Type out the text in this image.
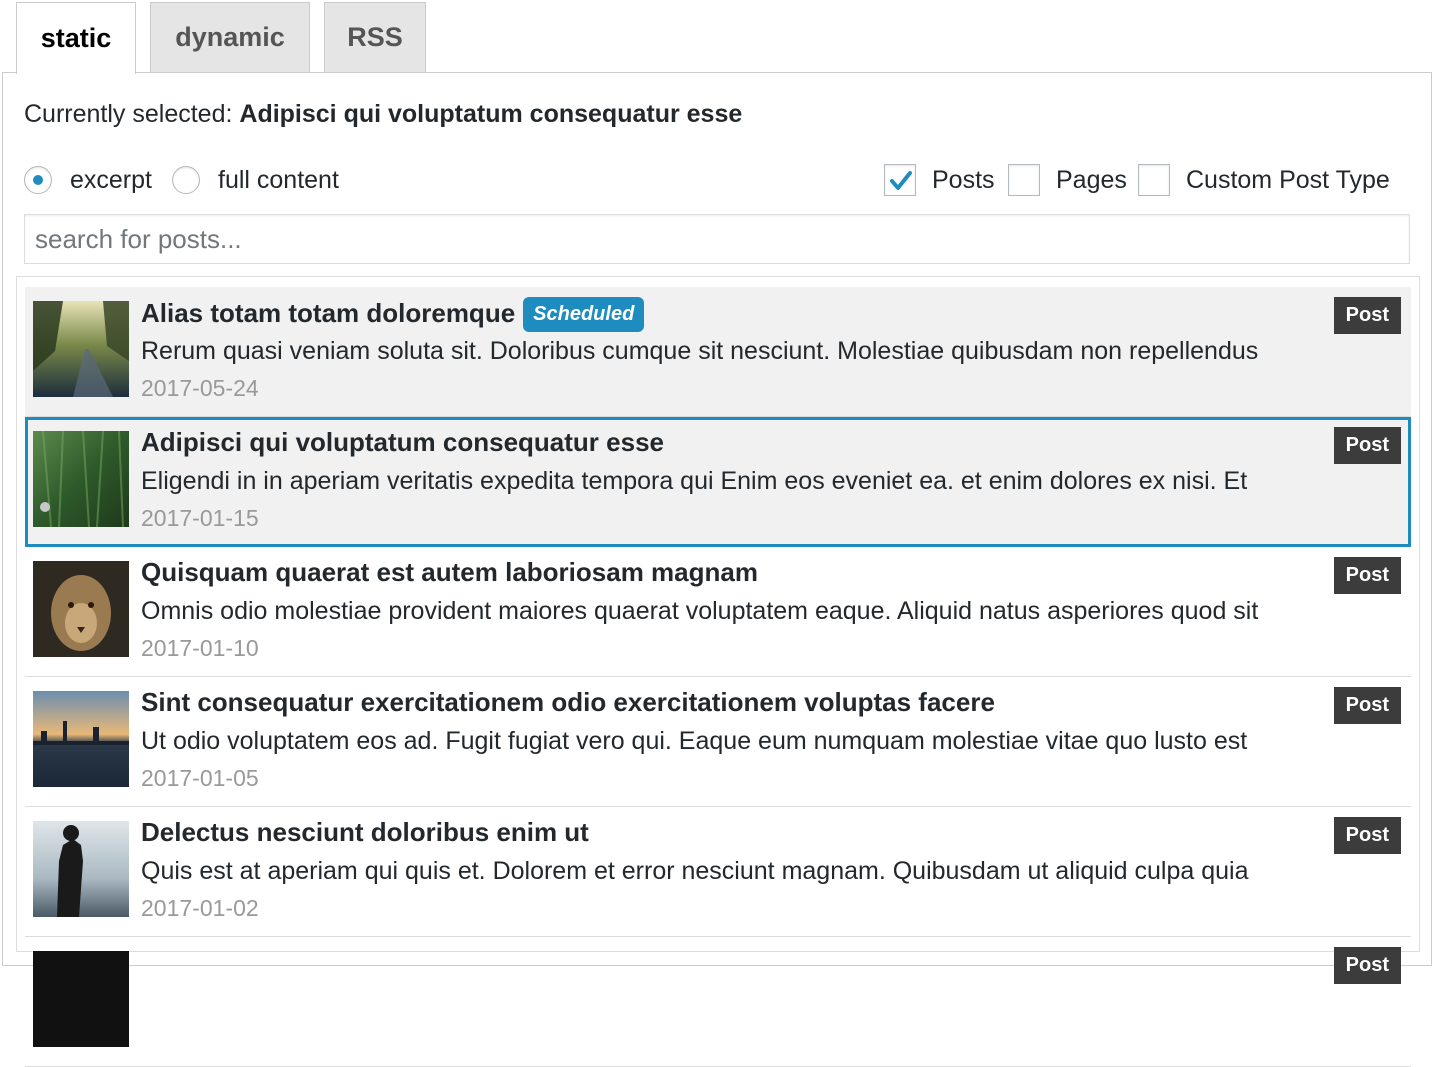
static	dynamic	RSS
Currently selected: Adipisci qui voluptatum consequatur esse
excerpt	full content	Posts Pages Custom Post Type
search for posts...
Alias totam totam doloremque Scheduled
Rerum quasi veniam soluta sit. Doloribus cumque sit nesciunt. Molestiae quibusdam non repellendus
2017-05-24
Post
Adipisci qui voluptatum consequatur esse
Eligendi in in aperiam veritatis expedita tempora qui Enim eos eveniet ea. et enim dolores ex nisi. Et
2017-01-15
Post
Quisquam quaerat est autem laboriosam magnam
Omnis odio molestiae provident maiores quaerat voluptatem eaque. Aliquid natus asperiores quod sit
2017-01-10
Post
Sint consequatur exercitationem odio exercitationem voluptas facere
Ut odio voluptatem eos ad. Fugit fugiat vero qui. Eaque eum numquam molestiae vitae quo lusto est
2017-01-05
Post
Delectus nesciunt doloribus enim ut
Quis est at aperiam qui quis et. Dolorem et error nesciunt magnam. Quibusdam ut aliquid culpa quia
2017-01-02
Post
Post
